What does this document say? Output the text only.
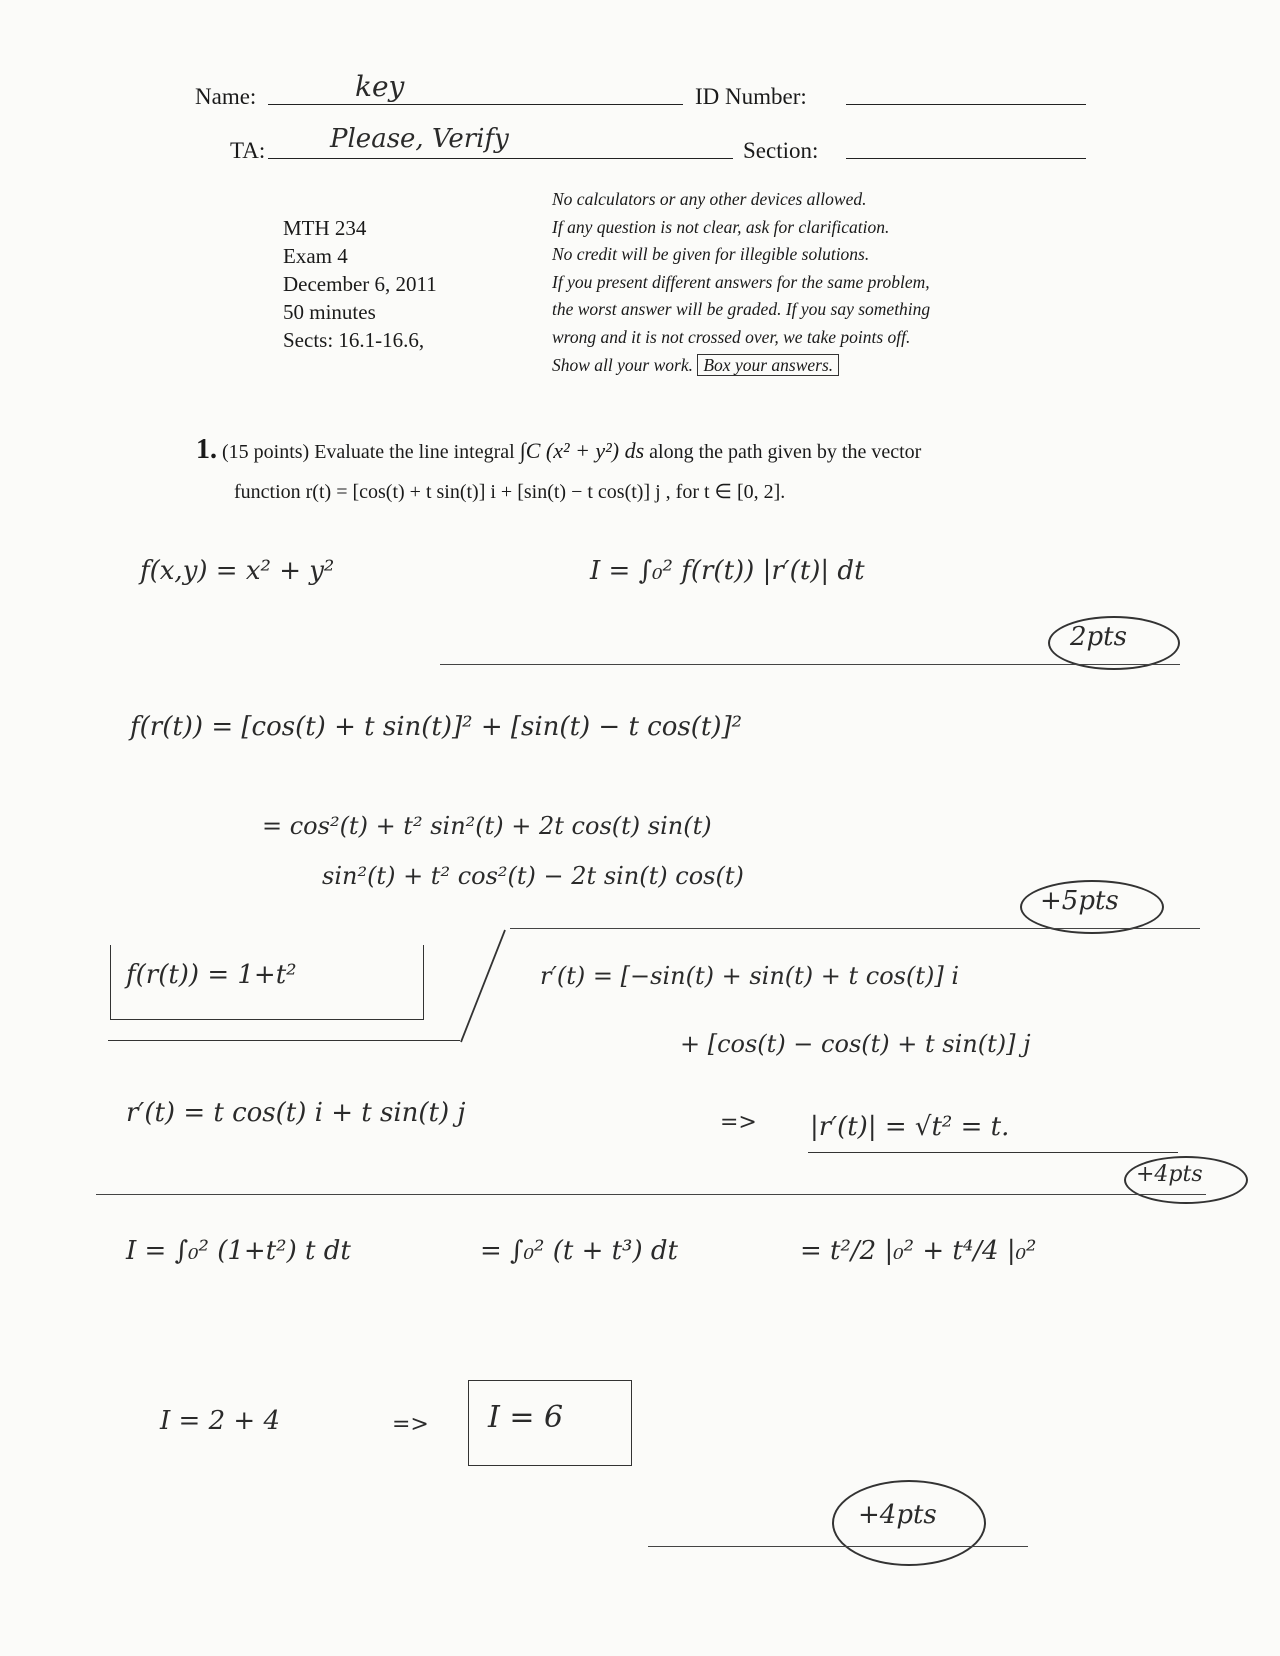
Name:	key	ID Number:
TA: Please, Verify	Section:
MTH 234
Exam 4
December 6, 2011
50 minutes
Sects: 16.1-16.6,
No calculators or any other devices allowed.
If any question is not clear, ask for clarification.
No credit will be given for illegible solutions.
If you present different answers for the same problem,
the worst answer will be graded. If you say something
wrong and it is not crossed over, we take points off.
Show all your work. Box your answers.
1. (15 points) Evaluate the line integral ∫C (x² + y²) ds along the path given by the vector
function r(t) = [cos(t) + t sin(t)] i + [sin(t) − t cos(t)] j , for t ∈ [0, 2].
f(x,y) = x² + y²	I = ∫₀² f(r(t)) |r′(t)| dt
2pts
f(r(t)) = [cos(t) + t sin(t)]² + [sin(t) − t cos(t)]²
= cos²(t) + t² sin²(t) + 2t cos(t) sin(t)
sin²(t) + t² cos²(t) − 2t sin(t) cos(t)
+5pts
f(r(t)) = 1+t²	r′(t) = [−sin(t) + sin(t) + t cos(t)] i
+ [cos(t) − cos(t) + t sin(t)] j
r′(t) = t cos(t) i + t sin(t) j	=> |r′(t)| = √t² = t.
+4pts
I = ∫₀² (1+t²) t dt	= ∫₀² (t + t³) dt	= t²/2 |₀² + t⁴/4 |₀²
I = 2 + 4	=> I = 6
+4pts
